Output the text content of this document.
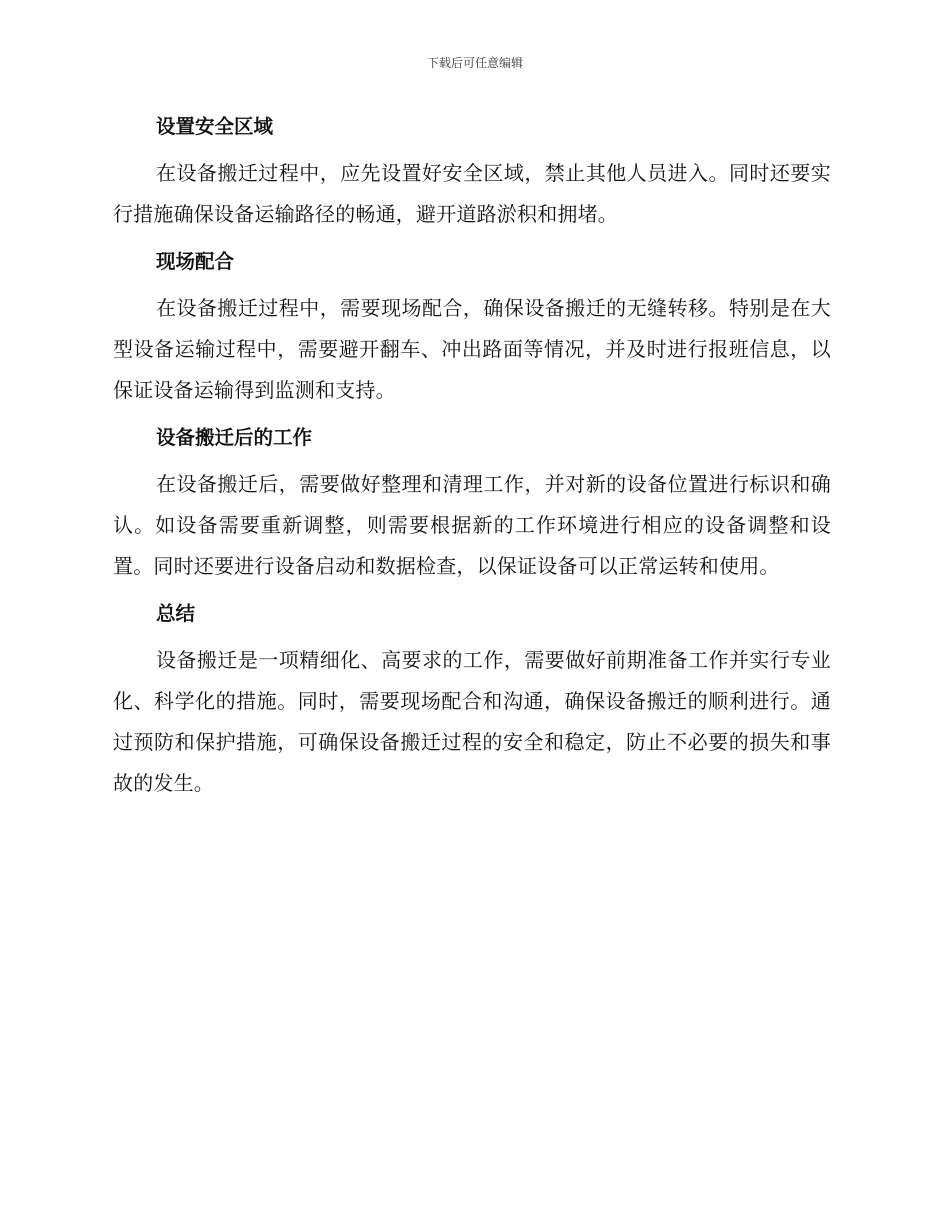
下载后可任意编辑
设置安全区域

在设备搬迁过程中，应先设置好安全区域，禁止其他人员进入。同时还要实行措施确保设备运输路径的畅通，避开道路淤积和拥堵。

现场配合

在设备搬迁过程中，需要现场配合，确保设备搬迁的无缝转移。特别是在大型设备运输过程中，需要避开翻车、冲出路面等情况，并及时进行报班信息，以保证设备运输得到监测和支持。

设备搬迁后的工作

在设备搬迁后，需要做好整理和清理工作，并对新的设备位置进行标识和确认。如设备需要重新调整，则需要根据新的工作环境进行相应的设备调整和设置。同时还要进行设备启动和数据检查，以保证设备可以正常运转和使用。

总结

设备搬迁是一项精细化、高要求的工作，需要做好前期准备工作并实行专业化、科学化的措施。同时，需要现场配合和沟通，确保设备搬迁的顺利进行。通过预防和保护措施，可确保设备搬迁过程的安全和稳定，防止不必要的损失和事故的发生。
